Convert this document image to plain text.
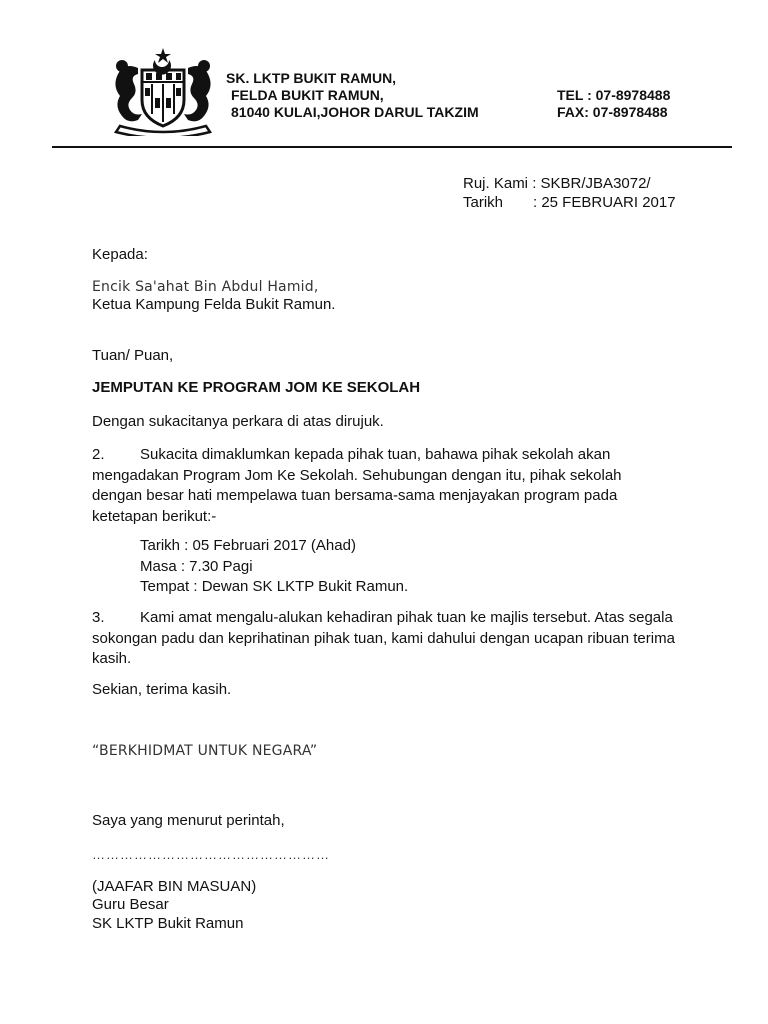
SK. LKTP BUKIT RAMUN,
FELDA BUKIT RAMUN,
81040 KULAI,JOHOR DARUL TAKZIM
TEL : 07-8978488
FAX: 07-8978488
Ruj. Kami : SKBR/JBA3072/
Tarikh : 25 FEBRUARI 2017
Kepada:
Encik Sa'ahat Bin Abdul Hamid,
Ketua Kampung Felda Bukit Ramun.
Tuan/ Puan,
JEMPUTAN KE PROGRAM JOM KE SEKOLAH
Dengan sukacitanya perkara di atas dirujuk.
2. Sukacita dimaklumkan kepada pihak tuan, bahawa pihak sekolah akan
mengadakan Program Jom Ke Sekolah. Sehubungan dengan itu, pihak sekolah
dengan besar hati mempelawa tuan bersama-sama menjayakan program pada
ketetapan berikut:-
Tarikh : 05 Februari 2017 (Ahad)
Masa : 7.30 Pagi
Tempat : Dewan SK LKTP Bukit Ramun.
3. Kami amat mengalu-alukan kehadiran pihak tuan ke majlis tersebut. Atas segala
sokongan padu dan keprihatinan pihak tuan, kami dahului dengan ucapan ribuan terima
kasih.
Sekian, terima kasih.
“BERKHIDMAT UNTUK NEGARA”
Saya yang menurut perintah,
……………………………………………
(JAAFAR BIN MASUAN)
Guru Besar
SK LKTP Bukit Ramun
